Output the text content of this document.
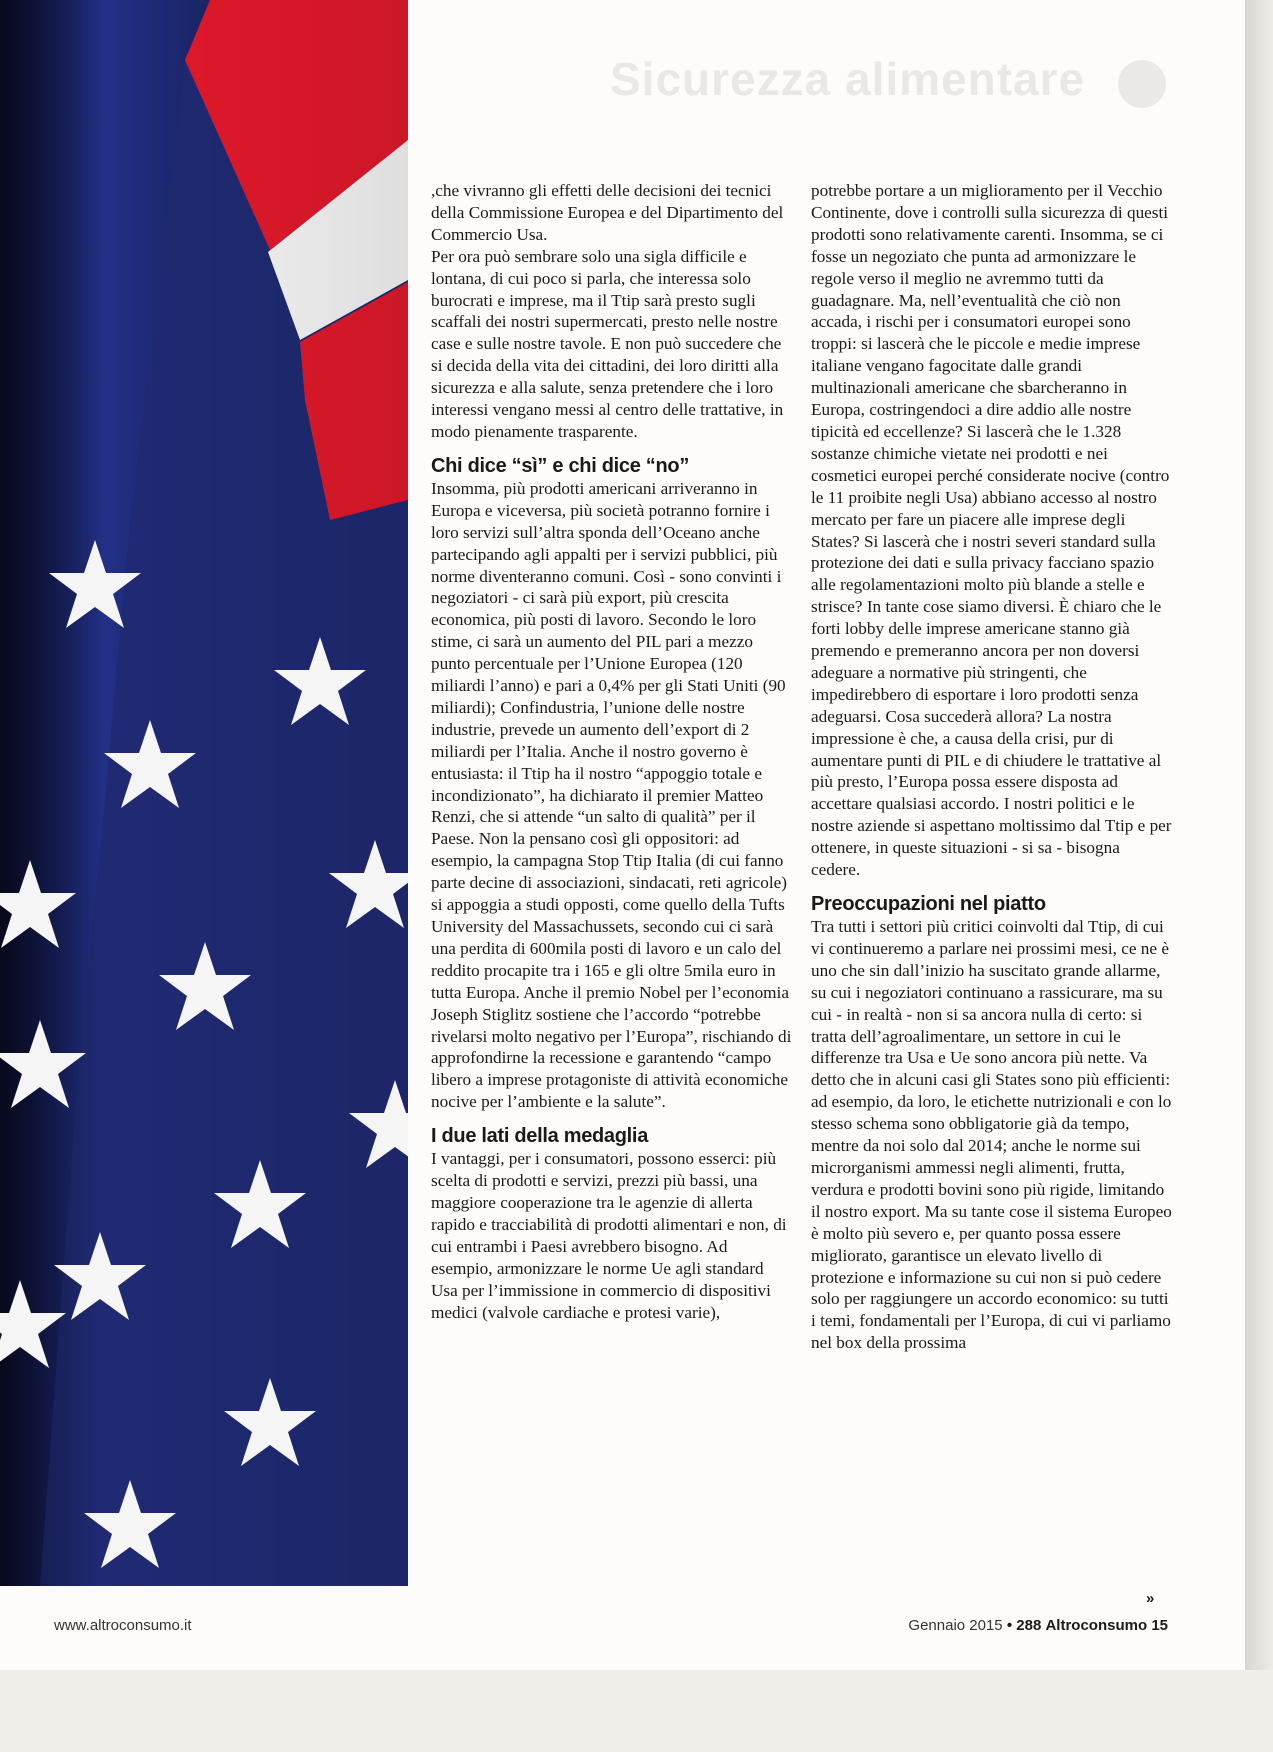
Sicurezza alimentare

,che vivranno gli effetti delle decisioni dei tecnici della Commissione Europea e del Dipartimento del Commercio Usa.

Per ora può sembrare solo una sigla difficile e lontana, di cui poco si parla, che interessa solo burocrati e imprese, ma il Ttip sarà presto sugli scaffali dei nostri supermercati, presto nelle nostre case e sulle nostre tavole. E non può succedere che si decida della vita dei cittadini, dei loro diritti alla sicurezza e alla salute, senza pretendere che i loro interessi vengano messi al centro delle trattative, in modo pienamente trasparente.

Chi dice “sì” e chi dice “no”

Insomma, più prodotti americani arriveranno in Europa e viceversa, più società potranno fornire i loro servizi sull’altra sponda dell’Oceano anche partecipando agli appalti per i servizi pubblici, più norme diventeranno comuni. Così - sono convinti i negoziatori - ci sarà più export, più crescita economica, più posti di lavoro. Secondo le loro stime, ci sarà un aumento del PIL pari a mezzo punto percentuale per l’Unione Europea (120 miliardi l’anno) e pari a 0,4% per gli Stati Uniti (90 miliardi); Confindustria, l’unione delle nostre industrie, prevede un aumento dell’export di 2 miliardi per l’Italia. Anche il nostro governo è entusiasta: il Ttip ha il nostro “appoggio totale e incondizionato”, ha dichiarato il premier Matteo Renzi, che si attende “un salto di qualità” per il Paese. Non la pensano così gli oppositori: ad esempio, la campagna Stop Ttip Italia (di cui fanno parte decine di associazioni, sindacati, reti agricole) si appoggia a studi opposti, come quello della Tufts University del Massachussets, secondo cui ci sarà una perdita di 600mila posti di lavoro e un calo del reddito procapite tra i 165 e gli oltre 5mila euro in tutta Europa. Anche il premio Nobel per l’economia Joseph Stiglitz sostiene che l’accordo “potrebbe rivelarsi molto negativo per l’Europa”, rischiando di approfondirne la recessione e garantendo “campo libero a imprese protagoniste di attività economiche nocive per l’ambiente e la salute”.

I due lati della medaglia

I vantaggi, per i consumatori, possono esserci: più scelta di prodotti e servizi, prezzi più bassi, una maggiore cooperazione tra le agenzie di allerta rapido e tracciabilità di prodotti alimentari e non, di cui entrambi i Paesi avrebbero bisogno. Ad esempio, armonizzare le norme Ue agli standard Usa per l’immissione in commercio di dispositivi medici (valvole cardiache e protesi varie),

potrebbe portare a un miglioramento per il Vecchio Continente, dove i controlli sulla sicurezza di questi prodotti sono relativamente carenti. Insomma, se ci fosse un negoziato che punta ad armonizzare le regole verso il meglio ne avremmo tutti da guadagnare. Ma, nell’eventualità che ciò non accada, i rischi per i consumatori europei sono troppi: si lascerà che le piccole e medie imprese italiane vengano fagocitate dalle grandi multinazionali americane che sbarcheranno in Europa, costringendoci a dire addio alle nostre tipicità ed eccellenze? Si lascerà che le 1.328 sostanze chimiche vietate nei prodotti e nei cosmetici europei perché considerate nocive (contro le 11 proibite negli Usa) abbiano accesso al nostro mercato per fare un piacere alle imprese degli States? Si lascerà che i nostri severi standard sulla protezione dei dati e sulla privacy facciano spazio alle regolamentazioni molto più blande a stelle e strisce? In tante cose siamo diversi. È chiaro che le forti lobby delle imprese americane stanno già premendo e premeranno ancora per non doversi adeguare a normative più stringenti, che impedirebbero di esportare i loro prodotti senza adeguarsi. Cosa succederà allora? La nostra impressione è che, a causa della crisi, pur di aumentare punti di PIL e di chiudere le trattative al più presto, l’Europa possa essere disposta ad accettare qualsiasi accordo. I nostri politici e le nostre aziende si aspettano moltissimo dal Ttip e per ottenere, in queste situazioni - si sa - bisogna cedere.

Preoccupazioni nel piatto

Tra tutti i settori più critici coinvolti dal Ttip, di cui vi continueremo a parlare nei prossimi mesi, ce ne è uno che sin dall’inizio ha suscitato grande allarme, su cui i negoziatori continuano a rassicurare, ma su cui - in realtà - non si sa ancora nulla di certo: si tratta dell’agroalimentare, un settore in cui le differenze tra Usa e Ue sono ancora più nette. Va detto che in alcuni casi gli States sono più efficienti: ad esempio, da loro, le etichette nutrizionali e con lo stesso schema sono obbligatorie già da tempo, mentre da noi solo dal 2014; anche le norme sui microrganismi ammessi negli alimenti, frutta, verdura e prodotti bovini sono più rigide, limitando il nostro export. Ma su tante cose il sistema Europeo è molto più severo e, per quanto possa essere migliorato, garantisce un elevato livello di protezione e informazione su cui non si può cedere solo per raggiungere un accordo economico: su tutti i temi, fondamentali per l’Europa, di cui vi parliamo nel box della prossima

»
www.altroconsumo.it	Gennaio 2015 • 288 Altroconsumo 15
